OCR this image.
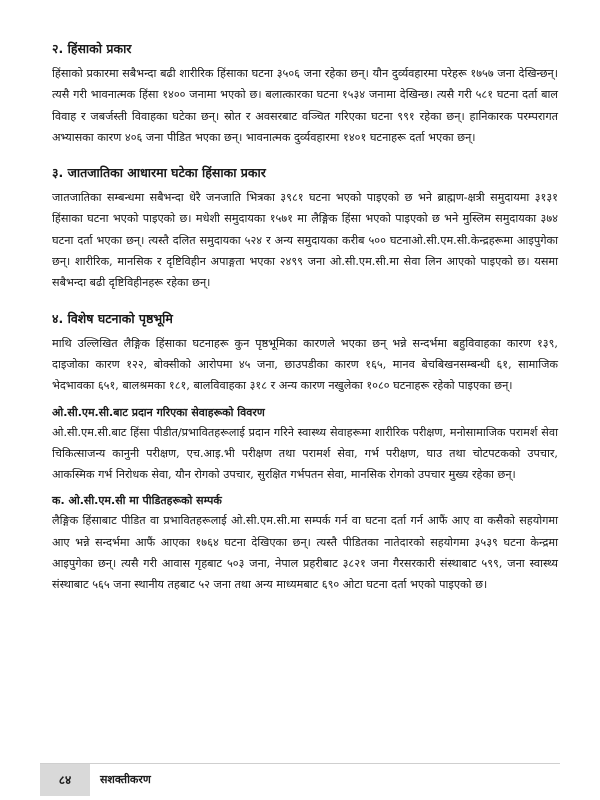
२. हिंसाको प्रकार

हिंसाको प्रकारमा सबैभन्दा बढी शारीरिक हिंसाका घटना ३५०६ जना रहेका छन्। यौन दुर्व्यवहारमा परेहरू १७५७ जना देखिन्छन्। त्यसै गरी भावनात्मक हिंसा १४०० जनामा भएको छ। बलात्कारका घटना १५३४ जनामा देखिन्छ। त्यसै गरी ५८१ घटना दर्ता बाल विवाह र जबर्जस्ती विवाहका घटेका छन्। स्रोत र अवसरबाट वञ्चित गरिएका घटना ९९१ रहेका छन्। हानिकारक परम्परागत अभ्यासका कारण ४०६ जना पीडित भएका छन्। भावनात्मक दुर्व्यवहारमा १४०१ घटनाहरू दर्ता भएका छन्।

३. जातजातिका आधारमा घटेका हिंसाका प्रकार

जातजातिका सम्बन्धमा सबैभन्दा धेरै जनजाति भित्रका ३९८१ घटना भएको पाइएको छ भने ब्राह्मण-क्षत्री समुदायमा ३१३१ हिंसाका घटना भएको पाइएको छ। मधेशी समुदायका १५७१ मा लैङ्गिक हिंसा भएको पाइएको छ भने मुस्लिम समुदायका ३७४ घटना दर्ता भएका छन्। त्यस्तै दलित समुदायका ५२४ र अन्य समुदायका करीब ५०० घटनाओ.सी.एम.सी.केन्द्रहरूमा आइपुगेका छन्। शारीरिक, मानसिक र दृष्टिविहीन अपाङ्गता भएका २४९९ जना ओ.सी.एम.सी.मा सेवा लिन आएको पाइएको छ। यसमा सबैभन्दा बढी दृष्टिविहीनहरू रहेका छन्।

४. विशेष घटनाको पृष्ठभूमि

माथि उल्लिखित लैङ्गिक हिंसाका घटनाहरू कुन पृष्ठभूमिका कारणले भएका छन् भन्ने सन्दर्भमा बहुविवाहका कारण १३९, दाइजोका कारण १२२, बोक्सीको आरोपमा ४५ जना, छाउपडीका कारण १६५, मानव बेचबिखनसम्बन्धी ६१, सामाजिक भेदभावका ६५१, बालश्रमका १८१, बालविवाहका ३१८ र अन्य कारण नखुलेका १०८० घटनाहरू रहेको पाइएका छन्।

ओ.सी.एम.सी.बाट प्रदान गरिएका सेवाहरूको विवरण

ओ.सी.एम.सी.बाट हिंसा पीडीत/प्रभावितहरूलाई प्रदान गरिने स्वास्थ्य सेवाहरूमा शारीरिक परीक्षण, मनोसामाजिक परामर्श सेवा चिकित्साजन्य कानुनी परीक्षण, एच.आइ.भी परीक्षण तथा परामर्श सेवा, गर्भ परीक्षण, घाउ तथा चोटपटकको उपचार, आकस्मिक गर्भ निरोधक सेवा, यौन रोगको उपचार, सुरक्षित गर्भपतन सेवा, मानसिक रोगको उपचार मुख्य रहेका छन्।

क. ओ.सी.एम.सी मा पीडितहरूको सम्पर्क

लैङ्गिक हिंसाबाट पीडित वा प्रभावितहरूलाई ओ.सी.एम.सी.मा सम्पर्क गर्न वा घटना दर्ता गर्न आफैं आए वा कसैको सहयोगमा आए भन्ने सन्दर्भमा आफैं आएका १७६४ घटना देखिएका छन्। त्यस्तै पीडितका नातेदारको सहयोगमा ३५३९ घटना केन्द्रमा आइपुगेका छन्। त्यसै गरी आवास गृहबाट ५०३ जना, नेपाल प्रहरीबाट ३८२१ जना गैरसरकारी संस्थाबाट ५९९, जना स्वास्थ्य संस्थाबाट ५६५ जना स्थानीय तहबाट ५२ जना तथा अन्य माध्यमबाट ६९० ओटा घटना दर्ता भएको पाइएको छ।

८४	सशक्तीकरण
